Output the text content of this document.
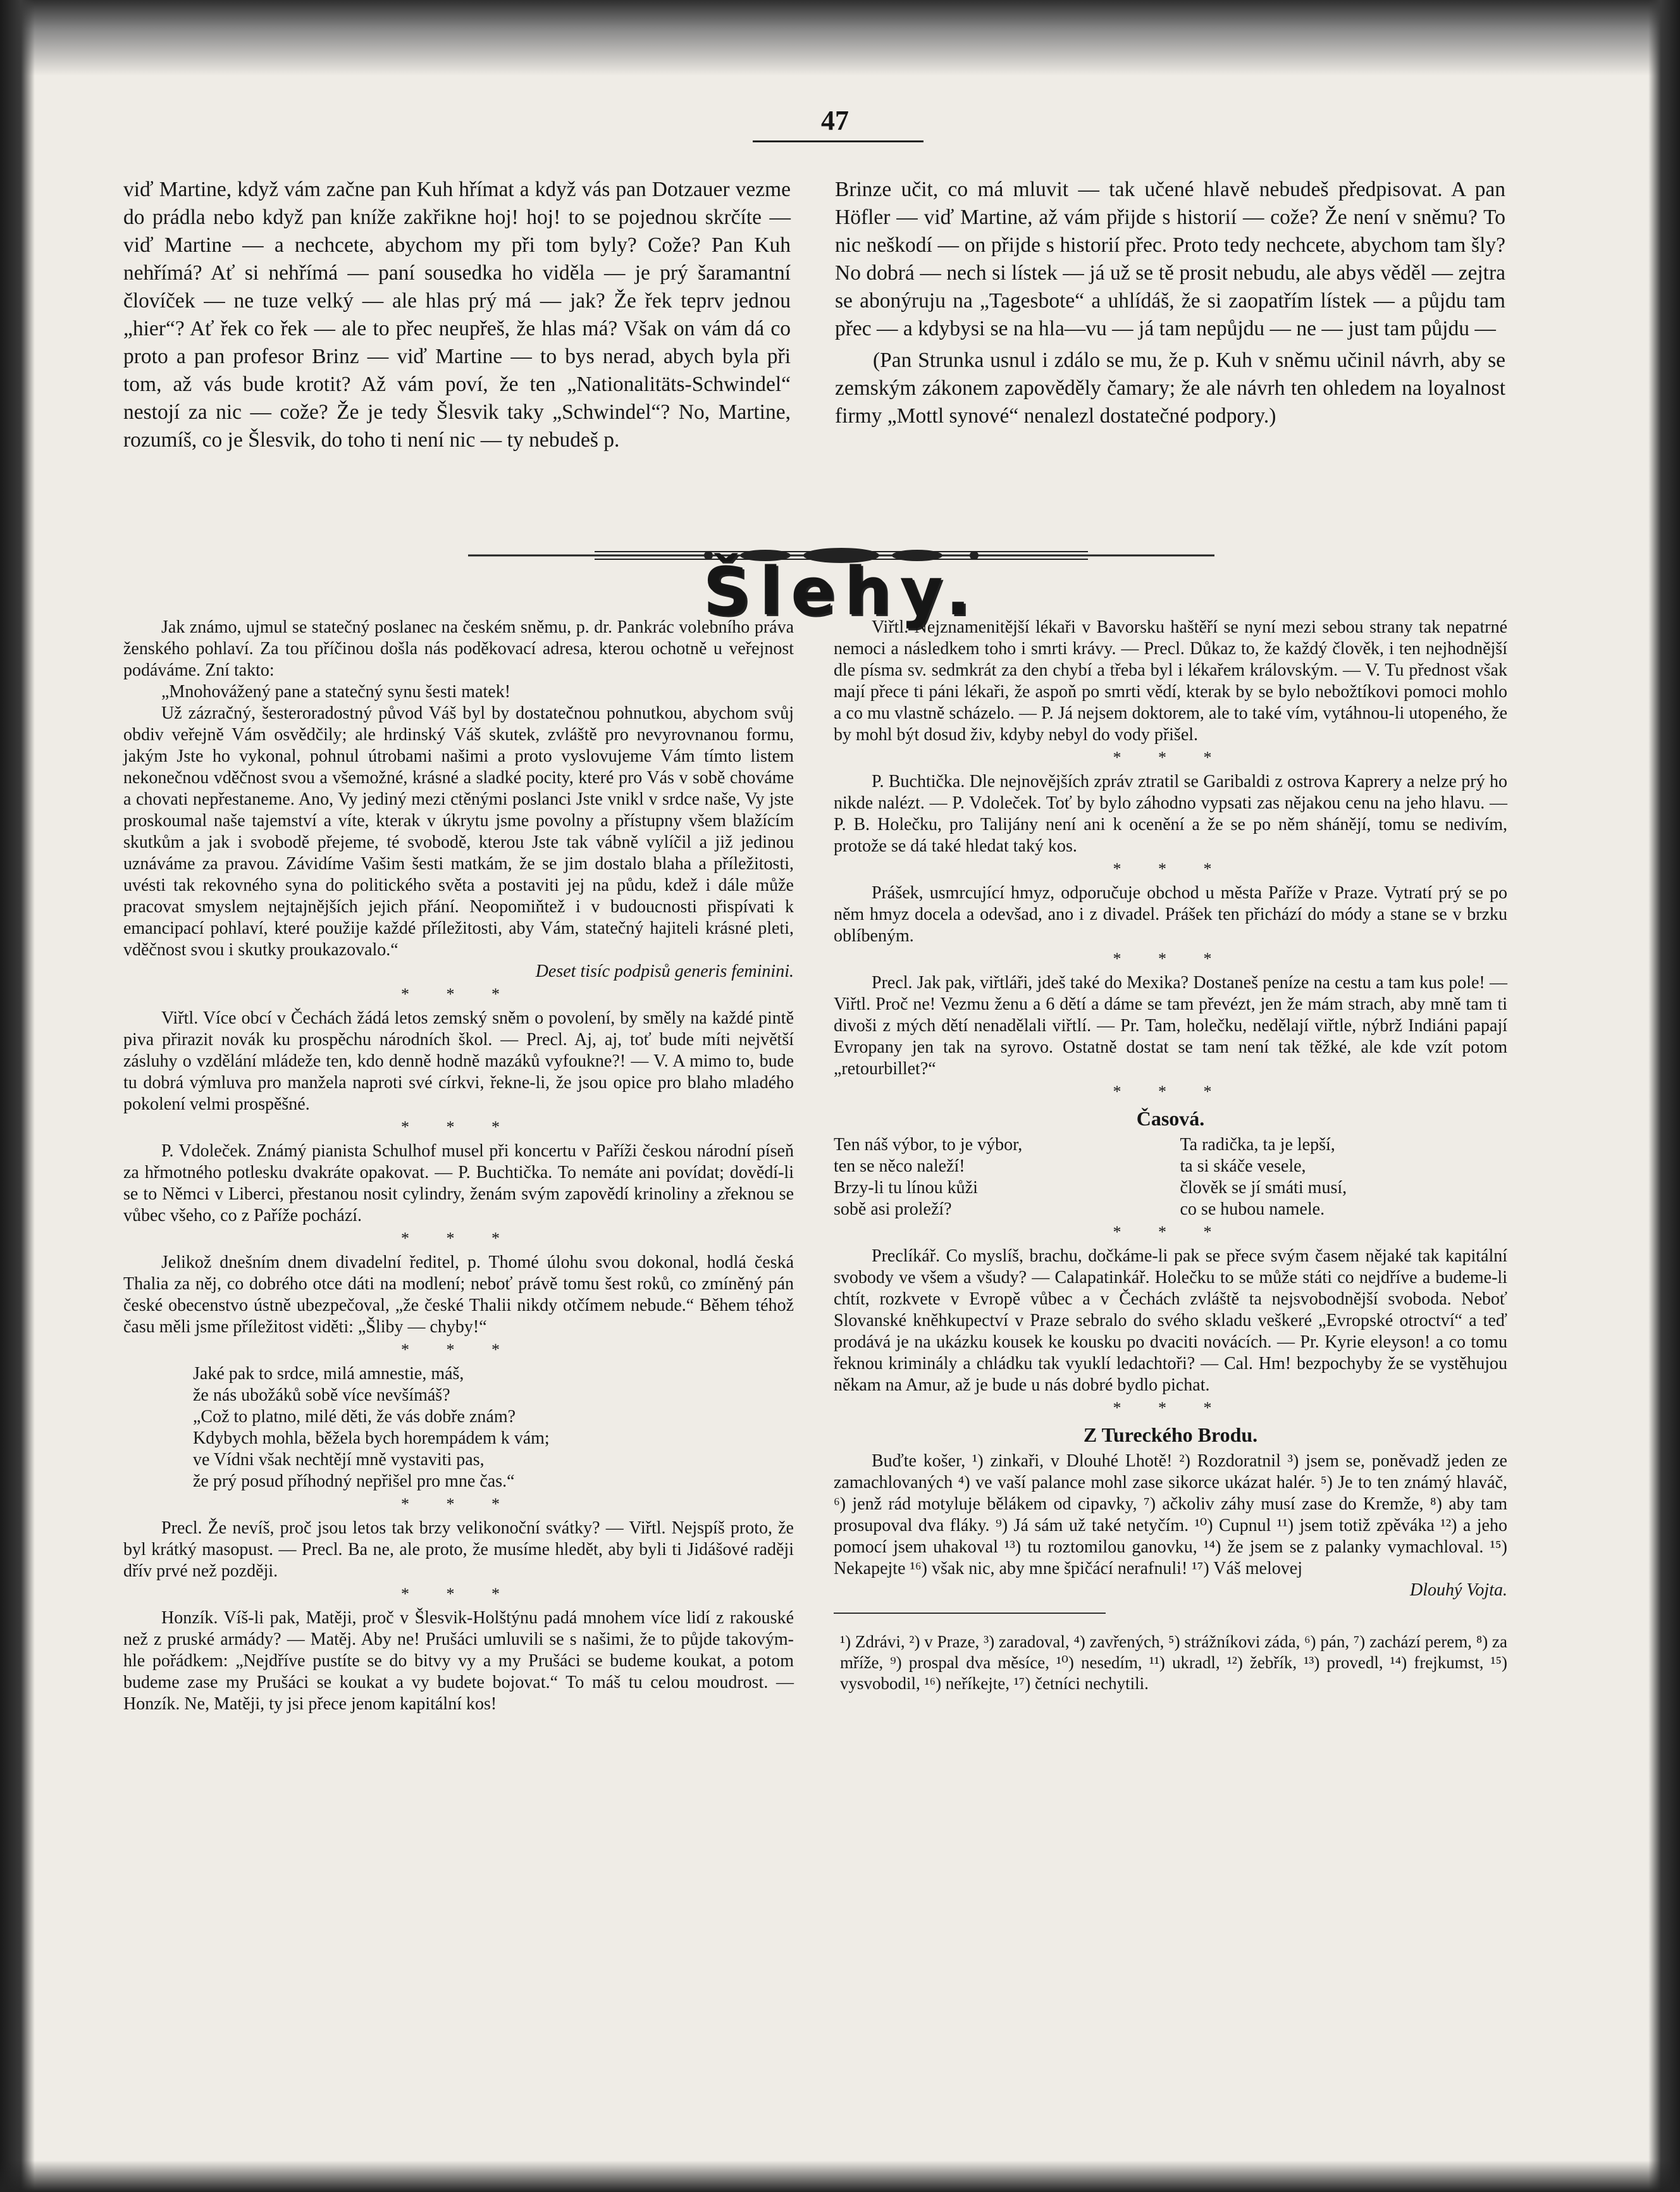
47

viď Martine, když vám začne pan Kuh hřímat a když vás pan Dotzauer vezme do prádla nebo když pan kníže zakřikne hoj! hoj! to se pojednou skrčíte — viď Martine — a nechcete, abychom my při tom byly? Cože? Pan Kuh nehřímá? Ať si nehřímá — paní sousedka ho viděla — je prý šaramantní človíček — ne tuze velký — ale hlas prý má — jak? Že řek teprv jednou „hier“? Ať řek co řek — ale to přec neupřeš, že hlas má? Však on vám dá co proto a pan profesor Brinz — viď Martine — to bys nerad, abych byla při tom, až vás bude krotit? Až vám poví, že ten „Nationalitäts-Schwindel“ nestojí za nic — cože? Že je tedy Šlesvik taky „Schwindel“? No, Martine, rozumíš, co je Šlesvik, do toho ti není nic — ty nebudeš p.

Brinze učit, co má mluvit — tak učené hlavě nebudeš předpisovat. A pan Höfler — viď Martine, až vám přijde s historií — cože? Že není v sněmu? To nic neškodí — on přijde s historií přec. Proto tedy nechcete, abychom tam šly? No dobrá — nech si lístek — já už se tě prosit nebudu, ale abys věděl — zejtra se abonýruju na „Tagesbote“ a uhlídáš, že si zaopatřím lístek — a půjdu tam přec — a kdybysi se na hla—vu — já tam nepůjdu — ne — just tam půjdu —

(Pan Strunka usnul i zdálo se mu, že p. Kuh v sněmu učinil návrh, aby se zemským zákonem zapověděly čamary; že ale návrh ten ohledem na loyalnost firmy „Mottl synové“ nenalezl dostatečné podpory.)

Šlehy.

Jak známo, ujmul se statečný poslanec na českém sněmu, p. dr. Pankrác volebního práva ženského pohlaví. Za tou příčinou došla nás poděkovací adresa, kterou ochotně u veřejnost podáváme. Zní takto:

„Mnohovážený pane a statečný synu šesti matek!

Už zázračný, šesteroradostný původ Váš byl by dostatečnou pohnutkou, abychom svůj obdiv veřejně Vám osvědčily; ale hrdinský Váš skutek, zvláště pro nevyrovnanou formu, jakým Jste ho vykonal, pohnul útrobami našimi a proto vyslovujeme Vám tímto listem nekonečnou vděčnost svou a všemožné, krásné a sladké pocity, které pro Vás v sobě chováme a chovati nepřestaneme. Ano, Vy jediný mezi ctěnými poslanci Jste vnikl v srdce naše, Vy jste proskoumal naše tajemství a víte, kterak v úkrytu jsme povolny a přístupny všem blažícím skutkům a jak i svobodě přejeme, té svobodě, kterou Jste tak vábně vylíčil a již jedinou uznáváme za pravou. Závidíme Vašim šesti matkám, že se jim dostalo blaha a příležitosti, uvésti tak rekovného syna do politického světa a postaviti jej na půdu, kdež i dále může pracovat smyslem nejtajnějších jejich přání. Neopomiňtež i v budoucnosti přispívati k emancipací pohlaví, které použije každé příležitosti, aby Vám, statečný hajiteli krásné pleti, vděčnost svou i skutky proukazovalo.“

Deset tisíc podpisů generis feminini.

* * *

Viřtl. Více obcí v Čechách žádá letos zemský sněm o povolení, by směly na každé pintě piva přirazit novák ku prospěchu národních škol. — Precl. Aj, aj, toť bude míti největší zásluhy o vzdělání mládeže ten, kdo denně hodně mazáků vyfoukne?! — V. A mimo to, bude tu dobrá výmluva pro manžela naproti své církvi, řekne-li, že jsou opice pro blaho mladého pokolení velmi prospěšné.

* * *

P. Vdoleček. Známý pianista Schulhof musel při koncertu v Paříži českou národní píseň za hřmotného potlesku dvakráte opakovat. — P. Buchtička. To nemáte ani povídat; dovědí-li se to Němci v Liberci, přestanou nosit cylindry, ženám svým zapovědí krinoliny a zřeknou se vůbec všeho, co z Paříže pochází.

* * *

Jelikož dnešním dnem divadelní ředitel, p. Thomé úlohu svou dokonal, hodlá česká Thalia za něj, co dobrého otce dáti na modlení; neboť právě tomu šest roků, co zmíněný pán české obecenstvo ústně ubezpečoval, „že české Thalii nikdy otčímem nebude.“ Během téhož času měli jsme příležitost viděti: „Šliby — chyby!“

* * *
Jaké pak to srdce, milá amnestie, máš,
že nás ubožáků sobě více nevšímáš?
„Což to platno, milé děti, že vás dobře znám?
Kdybych mohla, běžela bych horempádem k vám;
ve Vídni však nechtějí mně vystaviti pas,
že prý posud příhodný nepřišel pro mne čas.“
* * *

Precl. Že nevíš, proč jsou letos tak brzy velikonoční svátky? — Viřtl. Nejspíš proto, že byl krátký masopust. — Precl. Ba ne, ale proto, že musíme hledět, aby byli ti Jidášové raději dřív prvé než později.

* * *

Honzík. Víš-li pak, Matěji, proč v Šlesvik-Holštýnu padá mnohem více lidí z rakouské než z pruské armády? — Matěj. Aby ne! Prušáci umluvili se s našimi, že to půjde takovým-hle pořádkem: „Nejdříve pustíte se do bitvy vy a my Prušáci se budeme koukat, a potom budeme zase my Prušáci se koukat a vy budete bojovat.“ To máš tu celou moudrost. — Honzík. Ne, Matěji, ty jsi přece jenom kapitální kos!

Viřtl. Nejznamenitější lékaři v Bavorsku haštěří se nyní mezi sebou strany tak nepatrné nemoci a následkem toho i smrti krávy. — Precl. Důkaz to, že každý člověk, i ten nejhodnější dle písma sv. sedmkrát za den chybí a třeba byl i lékařem královským. — V. Tu přednost však mají přece ti páni lékaři, že aspoň po smrti vědí, kterak by se bylo nebožtíkovi pomoci mohlo a co mu vlastně scházelo. — P. Já nejsem doktorem, ale to také vím, vytáhnou-li utopeného, že by mohl být dosud živ, kdyby nebyl do vody přišel.

* * *

P. Buchtička. Dle nejnovějších zpráv ztratil se Garibaldi z ostrova Kaprery a nelze prý ho nikde nalézt. — P. Vdoleček. Toť by bylo záhodno vypsati zas nějakou cenu na jeho hlavu. — P. B. Holečku, pro Talijány není ani k ocenění a že se po něm shánějí, tomu se nedivím, protože se dá také hledat taký kos.

* * *

Prášek, usmrcující hmyz, odporučuje obchod u města Paříže v Praze. Vytratí prý se po něm hmyz docela a odevšad, ano i z divadel. Prášek ten přichází do módy a stane se v brzku oblíbeným.

* * *

Precl. Jak pak, viřtláři, jdeš také do Mexika? Dostaneš peníze na cestu a tam kus pole! — Viřtl. Proč ne! Vezmu ženu a 6 dětí a dáme se tam převézt, jen že mám strach, aby mně tam ti divoši z mých dětí nenadělali viřtlí. — Pr. Tam, holečku, nedělají viřtle, nýbrž Indiáni papají Evropany jen tak na syrovo. Ostatně dostat se tam není tak těžké, ale kde vzít potom „retourbillet?“

* * *
Časová.
Ten náš výbor, to je výbor,
ten se něco naleží!
Brzy-li tu línou kůži
sobě asi proleží?
Ta radička, ta je lepší,
ta si skáče vesele,
člověk se jí smáti musí,
co se hubou namele.
* * *

Preclíkář. Co myslíš, brachu, dočkáme-li pak se přece svým časem nějaké tak kapitální svobody ve všem a všudy? — Calapatinkář. Holečku to se může státi co nejdříve a budeme-li chtít, rozkvete v Evropě vůbec a v Čechách zvláště ta nejsvobodnější svoboda. Neboť Slovanské kněhkupectví v Praze sebralo do svého skladu veškeré „Evropské otroctví“ a teď prodává je na ukázku kousek ke kousku po dvaciti novácích. — Pr. Kyrie eleyson! a co tomu řeknou kriminály a chládku tak vyuklí ledachtoři? — Cal. Hm! bezpochyby že se vystěhujou někam na Amur, až je bude u nás dobré bydlo pichat.

* * *
Z Tureckého Brodu.

Buďte košer, ¹) zinkaři, v Dlouhé Lhotě! ²) Rozdoratnil ³) jsem se, poněvadž jeden ze zamachlovaných ⁴) ve vaší palance mohl zase sikorce ukázat halér. ⁵) Je to ten známý hlaváč, ⁶) jenž rád motyluje bělákem od cipavky, ⁷) ačkoliv záhy musí zase do Kremže, ⁸) aby tam prosupoval dva fláky. ⁹) Já sám už také netyčím. ¹⁰) Cupnul ¹¹) jsem totiž zpěváka ¹²) a jeho pomocí jsem uhakoval ¹³) tu roztomilou ganovku, ¹⁴) že jsem se z palanky vymachloval. ¹⁵) Nekapejte ¹⁶) však nic, aby mne špičácí nerafnuli! ¹⁷) Váš melovej

Dlouhý Vojta.

¹) Zdrávi, ²) v Praze, ³) zaradoval, ⁴) zavřených, ⁵) strážníkovi záda, ⁶) pán, ⁷) zachází perem, ⁸) za mříže, ⁹) prospal dva měsíce, ¹⁰) nesedím, ¹¹) ukradl, ¹²) žebřík, ¹³) provedl, ¹⁴) frejkumst, ¹⁵) vysvobodil, ¹⁶) neříkejte, ¹⁷) četníci nechytili.
